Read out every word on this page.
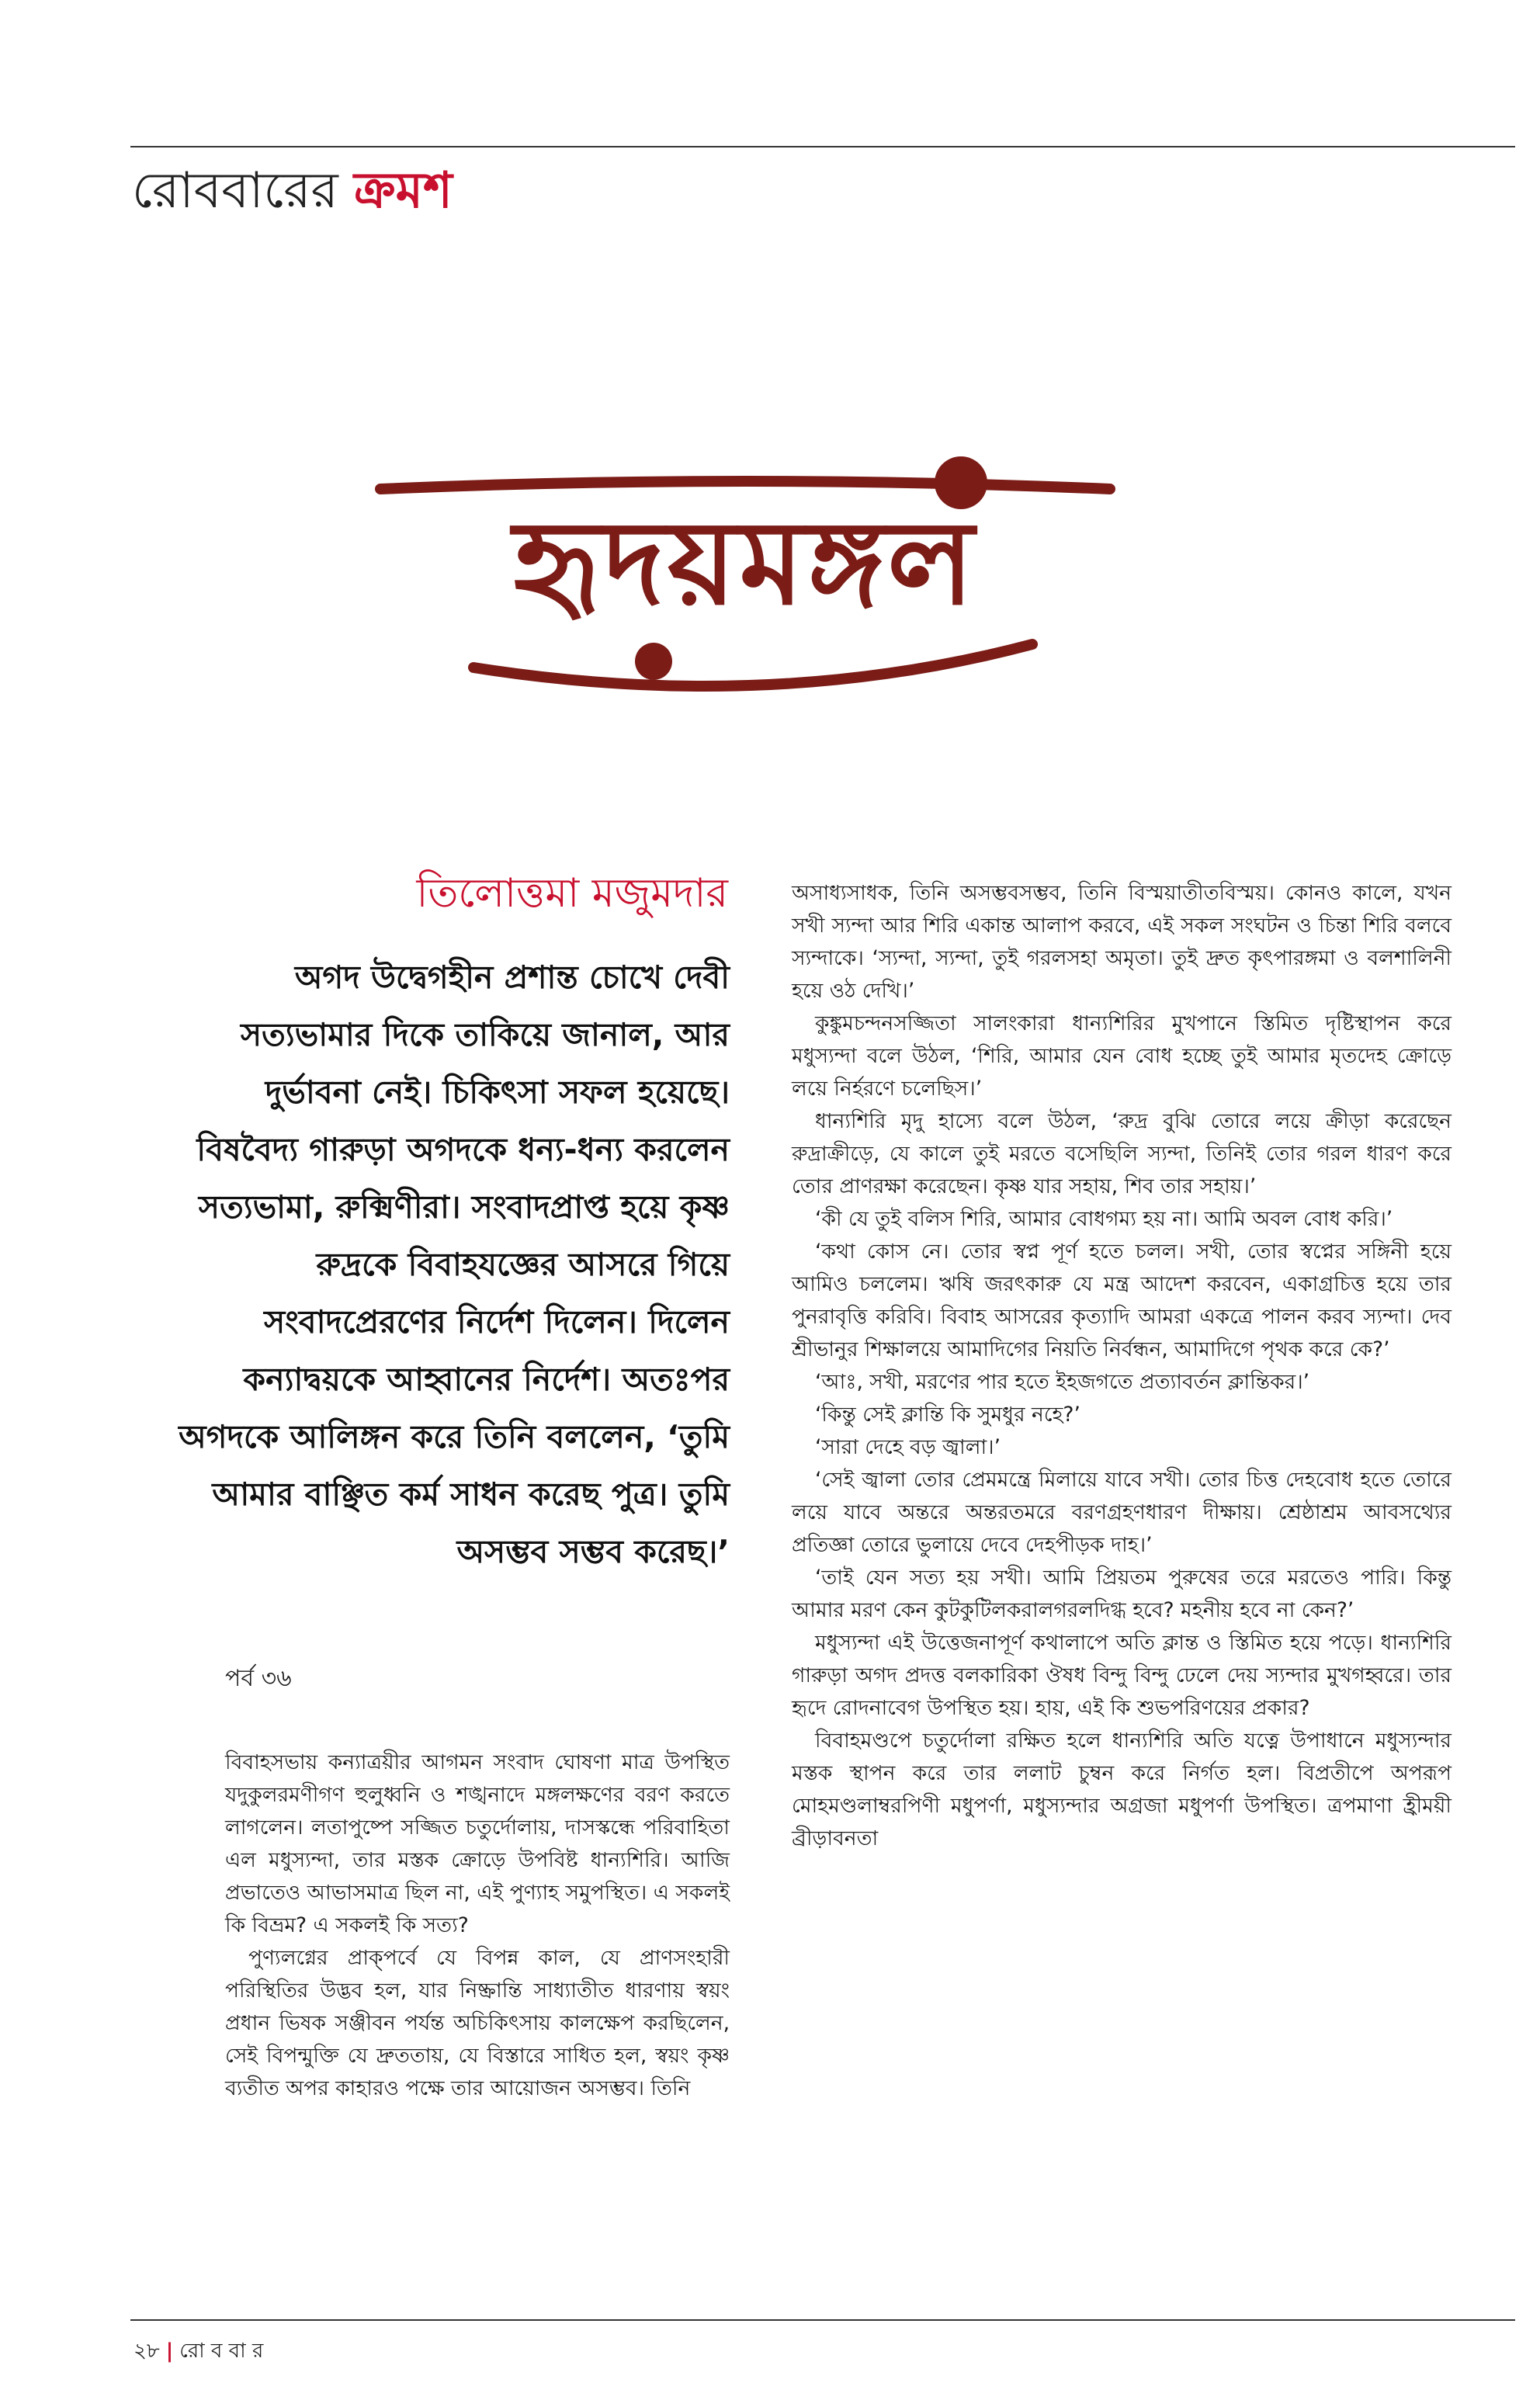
রোববারের ক্রমশ
হৃদয়মঙ্গল
তিলোত্তমা মজুমদার

অগদ উদ্বেগহীন প্রশান্ত চোখে দেবী সত্যভামার দিকে তাকিয়ে জানাল, আর দুর্ভাবনা নেই। চিকিৎসা সফল হয়েছে। বিষবৈদ্য গারুড়া অগদকে ধন্য-ধন্য করলেন সত্যভামা, রুক্মিণীরা। সংবাদপ্রাপ্ত হয়ে কৃষ্ণ রুদ্রকে বিবাহযজ্ঞের আসরে গিয়ে সংবাদপ্রেরণের নির্দেশ দিলেন। দিলেন কন্যাদ্বয়কে আহ্বানের নির্দেশ। অতঃপর অগদকে আলিঙ্গন করে তিনি বললেন, ‘তুমি আমার বাঞ্ছিত কর্ম সাধন করেছ পুত্র। তুমি অসম্ভব সম্ভব করেছ।’

পর্ব ৩৬

বিবাহসভায় কন্যাত্রয়ীর আগমন সংবাদ ঘোষণা মাত্র উপস্থিত যদুকুলরমণীগণ হুলুধ্বনি ও শঙ্খনাদে মঙ্গলক্ষণের বরণ করতে লাগলেন। লতাপুষ্পে সজ্জিত চতুর্দোলায়, দাসস্কন্ধে পরিবাহিতা এল মধুস্যন্দা, তার মস্তক ক্রোড়ে উপবিষ্ট ধান্যশিরি। আজি প্রভাতেও আভাসমাত্র ছিল না, এই পুণ্যাহ সমুপস্থিত। এ সকলই কি বিভ্রম? এ সকলই কি সত্য?

পুণ্যলগ্নের প্রাক্‌পর্বে যে বিপন্ন কাল, যে প্রাণসংহারী পরিস্থিতির উদ্ভব হল, যার নিষ্ক্রান্তি সাধ্যাতীত ধারণায় স্বয়ং প্রধান ভিষক সঞ্জীবন পর্যন্ত অচিকিৎসায় কালক্ষেপ করছিলেন, সেই বিপন্মুক্তি যে দ্রুততায়, যে বিস্তারে সাধিত হল, স্বয়ং কৃষ্ণ ব্যতীত অপর কাহারও পক্ষে তার আয়োজন অসম্ভব। তিনি

অসাধ্যসাধক, তিনি অসম্ভবসম্ভব, তিনি বিস্ময়াতীতবিস্ময়। কোনও কালে, যখন সখী স্যন্দা আর শিরি একান্ত আলাপ করবে, এই সকল সংঘটন ও চিন্তা শিরি বলবে স্যন্দাকে। ‘স্যন্দা, স্যন্দা, তুই গরলসহা অমৃতা। তুই দ্রুত কৃৎপারঙ্গমা ও বলশালিনী হয়ে ওঠ দেখি।’

কুঙ্কুমচন্দনসজ্জিতা সালংকারা ধান্যশিরির মুখপানে স্তিমিত দৃষ্টিস্থাপন করে মধুস্যন্দা বলে উঠল, ‘শিরি, আমার যেন বোধ হচ্ছে তুই আমার মৃতদেহ ক্রোড়ে লয়ে নির্হরণে চলেছিস।’

ধান্যশিরি মৃদু হাস্যে বলে উঠল, ‘রুদ্র বুঝি তোরে লয়ে ক্রীড়া করেছেন রুদ্রাক্রীড়ে, যে কালে তুই মরতে বসেছিলি স্যন্দা, তিনিই তোর গরল ধারণ করে তোর প্রাণরক্ষা করেছেন। কৃষ্ণ যার সহায়, শিব তার সহায়।’

‘কী যে তুই বলিস শিরি, আমার বোধগম্য হয় না। আমি অবল বোধ করি।’

‘কথা কোস নে। তোর স্বপ্ন পূর্ণ হতে চলল। সখী, তোর স্বপ্নের সঙ্গিনী হয়ে আমিও চললেম। ঋষি জরৎকারু যে মন্ত্র আদেশ করবেন, একাগ্রচিত্ত হয়ে তার পুনরাবৃত্তি করিবি। বিবাহ আসরের কৃত্যাদি আমরা একত্রে পালন করব স্যন্দা। দেব শ্রীভানুর শিক্ষালয়ে আমাদিগের নিয়তি নির্বন্ধন, আমাদিগে পৃথক করে কে?’

‘আঃ, সখী, মরণের পার হতে ইহজগতে প্রত্যাবর্তন ক্লান্তিকর।’

‘কিন্তু সেই ক্লান্তি কি সুমধুর নহে?’

‘সারা দেহে বড় জ্বালা।’

‘সেই জ্বালা তোর প্রেমমন্ত্রে মিলায়ে যাবে সখী। তোর চিত্ত দেহবোধ হতে তোরে লয়ে যাবে অন্তরে অন্তরতমরে বরণগ্রহণধারণ দীক্ষায়। শ্রেষ্ঠাশ্রম আবসথ্যের প্রতিজ্ঞা তোরে ভুলায়ে দেবে দেহপীড়ক দাহ।’

‘তাই যেন সত্য হয় সখী। আমি প্রিয়তম পুরুষের তরে মরতেও পারি। কিন্তু আমার মরণ কেন কুটকুটিলকরালগরলদিগ্ধ হবে? মহনীয় হবে না কেন?’

মধুস্যন্দা এই উত্তেজনাপূর্ণ কথালাপে অতি ক্লান্ত ও স্তিমিত হয়ে পড়ে। ধান্যশিরি গারুড়া অগদ প্রদত্ত বলকারিকা ঔষধ বিন্দু বিন্দু ঢেলে দেয় স্যন্দার মুখগহ্বরে। তার হৃদে রোদনাবেগ উপস্থিত হয়। হায়, এই কি শুভপরিণয়ের প্রকার?

বিবাহমণ্ডপে চতুর্দোলা রক্ষিত হলে ধান্যশিরি অতি যত্নে উপাধানে মধুস্যন্দার মস্তক স্থাপন করে তার ললাট চুম্বন করে নির্গত হল। বিপ্রতীপে অপরূপ মোহমণ্ডলাম্বরপিণী মধুপর্ণা, মধুস্যন্দার অগ্রজা মধুপর্ণা উপস্থিত। ত্রপমাণা হ্রীময়ী ব্রীড়াবনতা

২৮ | রো ব বা র
